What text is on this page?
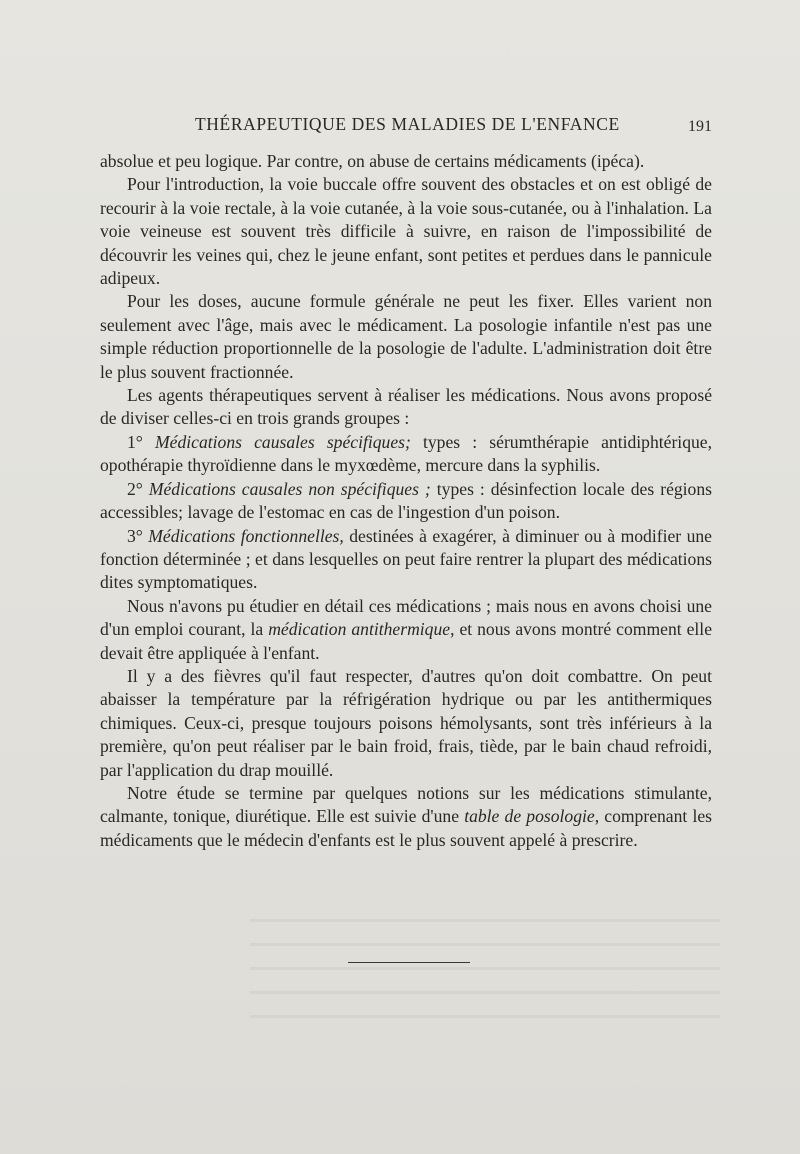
THÉRAPEUTIQUE DES MALADIES DE L'ENFANCE	191

absolue et peu logique. Par contre, on abuse de certains médicaments (ipéca).

Pour l'introduction, la voie buccale offre souvent des obstacles et on est obligé de recourir à la voie rectale, à la voie cutanée, à la voie sous-cutanée, ou à l'inhalation. La voie veineuse est souvent très difficile à suivre, en raison de l'impossibilité de découvrir les veines qui, chez le jeune enfant, sont petites et perdues dans le pannicule adipeux.

Pour les doses, aucune formule générale ne peut les fixer. Elles varient non seulement avec l'âge, mais avec le médicament. La posologie infantile n'est pas une simple réduction proportionnelle de la posologie de l'adulte. L'administration doit être le plus souvent fractionnée.

Les agents thérapeutiques servent à réaliser les médications. Nous avons proposé de diviser celles-ci en trois grands groupes :

1° Médications causales spécifiques; types : sérumthérapie antidiphtérique, opothérapie thyroïdienne dans le myxœdème, mercure dans la syphilis.

2° Médications causales non spécifiques ; types : désinfection locale des régions accessibles; lavage de l'estomac en cas de l'ingestion d'un poison.

3° Médications fonctionnelles, destinées à exagérer, à diminuer ou à modifier une fonction déterminée ; et dans lesquelles on peut faire rentrer la plupart des médications dites symptomatiques.

Nous n'avons pu étudier en détail ces médications ; mais nous en avons choisi une d'un emploi courant, la médication antithermique, et nous avons montré comment elle devait être appliquée à l'enfant.

Il y a des fièvres qu'il faut respecter, d'autres qu'on doit combattre. On peut abaisser la température par la réfrigération hydrique ou par les antithermiques chimiques. Ceux-ci, presque toujours poisons hémolysants, sont très inférieurs à la première, qu'on peut réaliser par le bain froid, frais, tiède, par le bain chaud refroidi, par l'application du drap mouillé.

Notre étude se termine par quelques notions sur les médications stimulante, calmante, tonique, diurétique. Elle est suivie d'une table de posologie, comprenant les médicaments que le médecin d'enfants est le plus souvent appelé à prescrire.
